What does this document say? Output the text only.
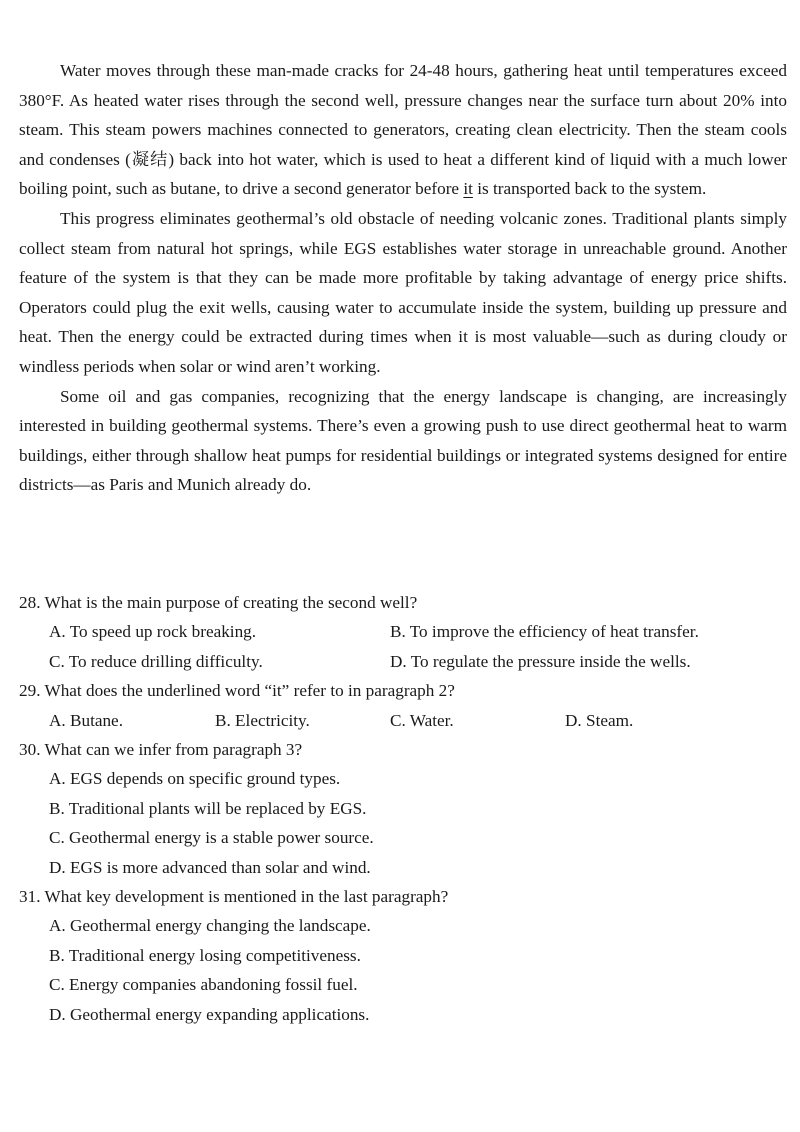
Water moves through these man-made cracks for 24-48 hours, gathering heat until temperatures exceed 380°F. As heated water rises through the second well, pressure changes near the surface turn about 20% into steam. This steam powers machines connected to generators, creating clean electricity. Then the steam cools and condenses (凝结) back into hot water, which is used to heat a different kind of liquid with a much lower boiling point, such as butane, to drive a second generator before it is transported back to the system.

This progress eliminates geothermal’s old obstacle of needing volcanic zones. Traditional plants simply collect steam from natural hot springs, while EGS establishes water storage in unreachable ground. Another feature of the system is that they can be made more profitable by taking advantage of energy price shifts. Operators could plug the exit wells, causing water to accumulate inside the system, building up pressure and heat. Then the energy could be extracted during times when it is most valuable—such as during cloudy or windless periods when solar or wind aren’t working.

Some oil and gas companies, recognizing that the energy landscape is changing, are increasingly interested in building geothermal systems. There’s even a growing push to use direct geothermal heat to warm buildings, either through shallow heat pumps for residential buildings or integrated systems designed for entire districts—as Paris and Munich already do.

28. What is the main purpose of creating the second well?

A. To speed up rock breaking.	B. To improve the efficiency of heat transfer.

C. To reduce drilling difficulty.	D. To regulate the pressure inside the wells.

29. What does the underlined word “it” refer to in paragraph 2?

A. Butane.	B. Electricity.	C. Water.	D. Steam.

30. What can we infer from paragraph 3?

A. EGS depends on specific ground types.

B. Traditional plants will be replaced by EGS.

C. Geothermal energy is a stable power source.

D. EGS is more advanced than solar and wind.

31. What key development is mentioned in the last paragraph?

A. Geothermal energy changing the landscape.

B. Traditional energy losing competitiveness.

C. Energy companies abandoning fossil fuel.

D. Geothermal energy expanding applications.
